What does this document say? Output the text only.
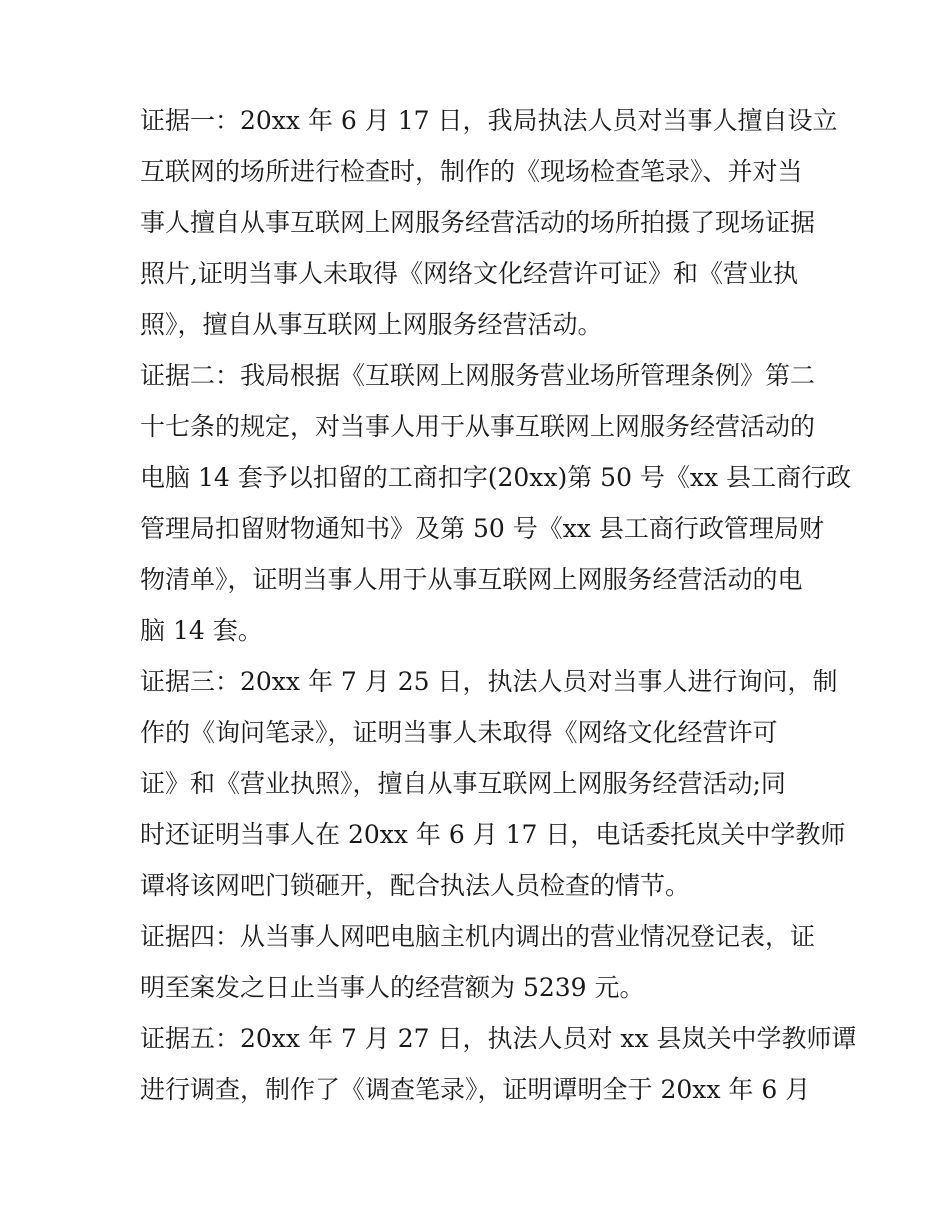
证据一：20xx 年 6 月 17 日，我局执法人员对当事人擅自设立
互联网的场所进行检查时，制作的《现场检查笔录》、并对当
事人擅自从事互联网上网服务经营活动的场所拍摄了现场证据
照片,证明当事人未取得《网络文化经营许可证》和《营业执
照》，擅自从事互联网上网服务经营活动。
证据二：我局根据《互联网上网服务营业场所管理条例》第二
十七条的规定，对当事人用于从事互联网上网服务经营活动的
电脑 14 套予以扣留的工商扣字(20xx)第 50 号《xx 县工商行政
管理局扣留财物通知书》及第 50 号《xx 县工商行政管理局财
物清单》，证明当事人用于从事互联网上网服务经营活动的电
脑 14 套。
证据三：20xx 年 7 月 25 日，执法人员对当事人进行询问，制
作的《询问笔录》，证明当事人未取得《网络文化经营许可
证》和《营业执照》，擅自从事互联网上网服务经营活动;同
时还证明当事人在 20xx 年 6 月 17 日，电话委托岚关中学教师
谭将该网吧门锁砸开，配合执法人员检查的情节。
证据四：从当事人网吧电脑主机内调出的营业情况登记表，证
明至案发之日止当事人的经营额为 5239 元。
证据五：20xx 年 7 月 27 日，执法人员对 xx 县岚关中学教师谭
进行调查，制作了《调查笔录》，证明谭明全于 20xx 年 6 月
